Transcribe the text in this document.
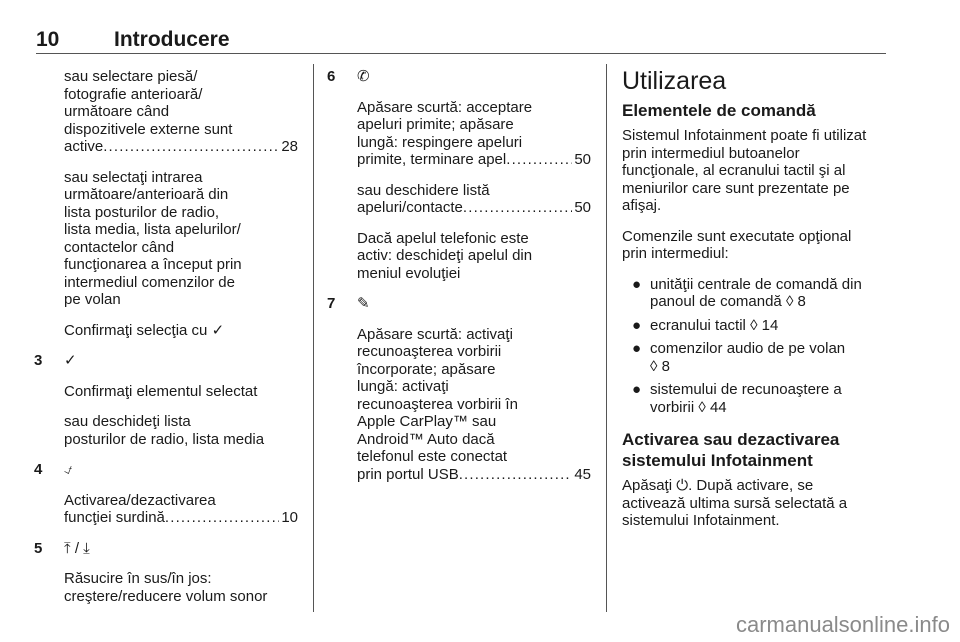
10	Introducere

sau selectare piesă/
fotografie anterioară/
următoare când
dispozitivele externe sunt

active . . .	28

sau selectaţi intrarea
următoare/anterioară din
lista posturilor de radio,
lista media, lista apelurilor/
contactelor când
funcţionarea a început prin
intermediul comenzilor de
pe volan

Confirmaţi selecţia cu ✓

3 ✓

Confirmaţi elementul selectat

sau deschideţi lista
posturilor de radio, lista media

4 ⍻

Activarea/dezactivarea

funcţiei surdină . . .	10

5 ⤒ / ⤓

Răsucire în sus/în jos:
creştere/reducere volum sonor

6 ✆

Apăsare scurtă: acceptare
apeluri primite; apăsare
lungă: respingere apeluri

primite, terminare apel . . .	50

sau deschidere listă

apeluri/contacte . . .	50

Dacă apelul telefonic este
activ: deschideţi apelul din
meniul evoluţiei

7 ✎

Apăsare scurtă: activaţi
recunoaşterea vorbirii
încorporate; apăsare
lungă: activaţi
recunoaşterea vorbirii în
Apple CarPlay™ sau
Android™ Auto dacă
telefonul este conectat

prin portul USB . . .	45

Utilizarea
Elementele de comandă

Sistemul Infotainment poate fi utilizat
prin intermediul butoanelor
funcţionale, al ecranului tactil şi al
meniurilor care sunt prezentate pe
afişaj.

Comenzile sunt executate opţional
prin intermediul:

● unităţii centrale de comandă din
panoul de comandă ◊ 8
● ecranului tactil ◊ 14
● comenzilor audio de pe volan
◊ 8
● sistemului de recunoaştere a
vorbirii ◊ 44
Activarea sau dezactivarea
sistemului Infotainment

Apăsaţi ⏻. După activare, se
activează ultima sursă selectată a
sistemului Infotainment.

carmanualsonline.info
